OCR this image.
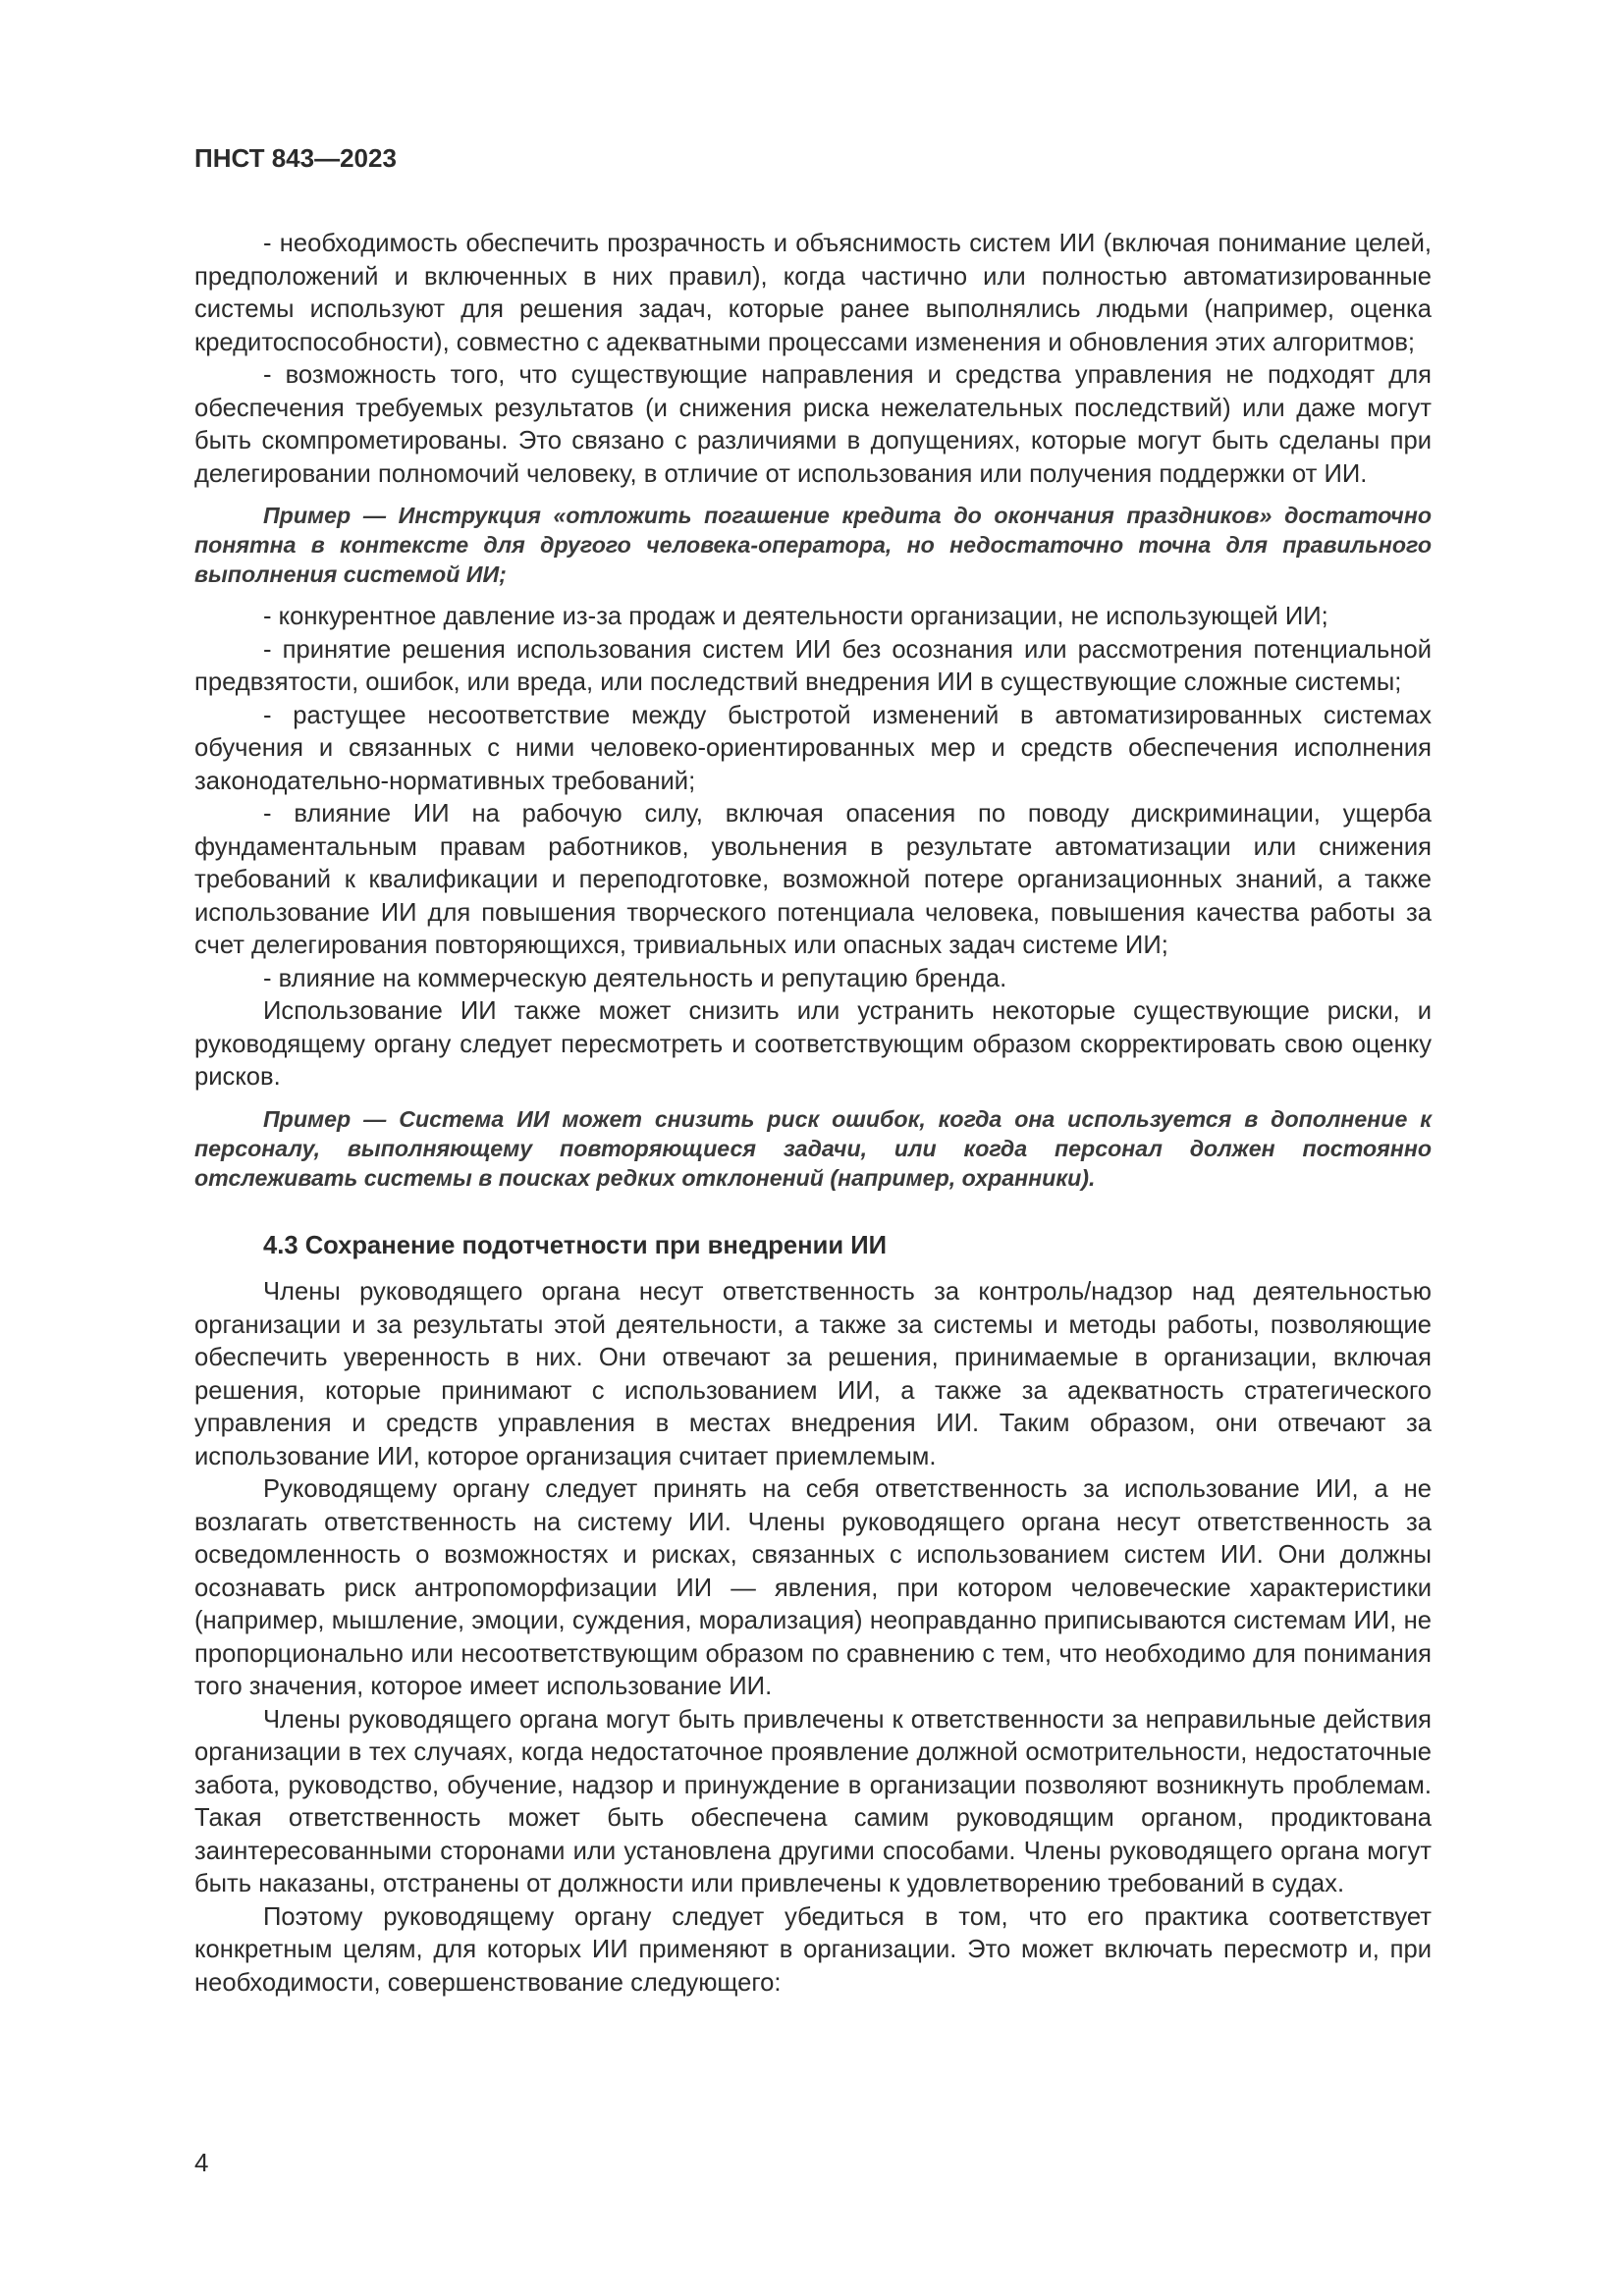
ПНСТ 843—2023

- необходимость обеспечить прозрачность и объяснимость систем ИИ (включая понимание целей, предположений и включенных в них правил), когда частично или полностью автоматизированные системы используют для решения задач, которые ранее выполнялись людьми (например, оценка кредитоспособности), совместно с адекватными процессами изменения и обновления этих алгоритмов;

- возможность того, что существующие направления и средства управления не подходят для обеспечения требуемых результатов (и снижения риска нежелательных последствий) или даже могут быть скомпрометированы. Это связано с различиями в допущениях, которые могут быть сделаны при делегировании полномочий человеку, в отличие от использования или получения поддержки от ИИ.

Пример — Инструкция «отложить погашение кредита до окончания праздников» достаточно понятна в контексте для другого человека-оператора, но недостаточно точна для правильного выполнения системой ИИ;

- конкурентное давление из-за продаж и деятельности организации, не использующей ИИ;

- принятие решения использования систем ИИ без осознания или рассмотрения потенциальной предвзятости, ошибок, или вреда, или последствий внедрения ИИ в существующие сложные системы;

- растущее несоответствие между быстротой изменений в автоматизированных системах обучения и связанных с ними человеко-ориентированных мер и средств обеспечения исполнения законодательно-нормативных требований;

- влияние ИИ на рабочую силу, включая опасения по поводу дискриминации, ущерба фундаментальным правам работников, увольнения в результате автоматизации или снижения требований к квалификации и переподготовке, возможной потере организационных знаний, а также использование ИИ для повышения творческого потенциала человека, повышения качества работы за счет делегирования повторяющихся, тривиальных или опасных задач системе ИИ;

- влияние на коммерческую деятельность и репутацию бренда.

Использование ИИ также может снизить или устранить некоторые существующие риски, и руководящему органу следует пересмотреть и соответствующим образом скорректировать свою оценку рисков.

Пример — Система ИИ может снизить риск ошибок, когда она используется в дополнение к персоналу, выполняющему повторяющиеся задачи, или когда персонал должен постоянно отслеживать системы в поисках редких отклонений (например, охранники).

4.3 Сохранение подотчетности при внедрении ИИ

Члены руководящего органа несут ответственность за контроль/надзор над деятельностью организации и за результаты этой деятельности, а также за системы и методы работы, позволяющие обеспечить уверенность в них. Они отвечают за решения, принимаемые в организации, включая решения, которые принимают с использованием ИИ, а также за адекватность стратегического управления и средств управления в местах внедрения ИИ. Таким образом, они отвечают за использование ИИ, которое организация считает приемлемым.

Руководящему органу следует принять на себя ответственность за использование ИИ, а не возлагать ответственность на систему ИИ. Члены руководящего органа несут ответственность за осведомленность о возможностях и рисках, связанных с использованием систем ИИ. Они должны осознавать риск антропоморфизации ИИ — явления, при котором человеческие характеристики (например, мышление, эмоции, суждения, морализация) неоправданно приписываются системам ИИ, не пропорционально или несоответствующим образом по сравнению с тем, что необходимо для понимания того значения, которое имеет использование ИИ.

Члены руководящего органа могут быть привлечены к ответственности за неправильные действия организации в тех случаях, когда недостаточное проявление должной осмотрительности, недостаточные забота, руководство, обучение, надзор и принуждение в организации позволяют возникнуть проблемам. Такая ответственность может быть обеспечена самим руководящим органом, продиктована заинтересованными сторонами или установлена другими способами. Члены руководящего органа могут быть наказаны, отстранены от должности или привлечены к удовлетворению требований в судах.

Поэтому руководящему органу следует убедиться в том, что его практика соответствует конкретным целям, для которых ИИ применяют в организации. Это может включать пересмотр и, при необходимости, совершенствование следующего:

4
